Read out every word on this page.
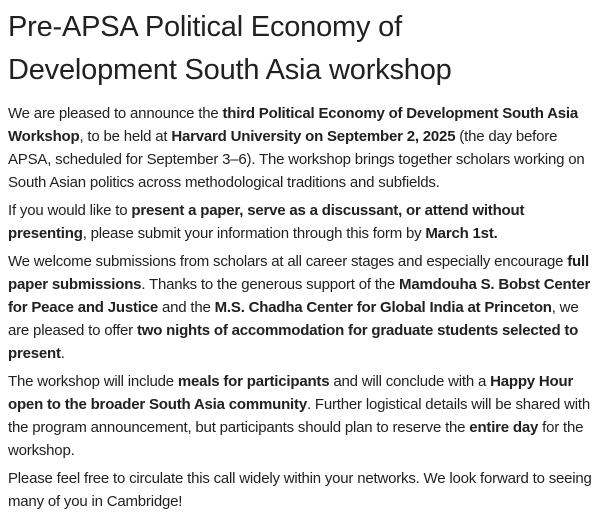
Pre-APSA Political Economy of Development South Asia workshop

We are pleased to announce the third Political Economy of Development South Asia Workshop, to be held at Harvard University on September 2, 2025 (the day before APSA, scheduled for September 3–6). The workshop brings together scholars working on South Asian politics across methodological traditions and subfields.

If you would like to present a paper, serve as a discussant, or attend without presenting, please submit your information through this form by March 1st.

We welcome submissions from scholars at all career stages and especially encourage full paper submissions. Thanks to the generous support of the Mamdouha S. Bobst Center for Peace and Justice and the M.S. Chadha Center for Global India at Princeton, we are pleased to offer two nights of accommodation for graduate students selected to present.

The workshop will include meals for participants and will conclude with a Happy Hour open to the broader South Asia community. Further logistical details will be shared with the program announcement, but participants should plan to reserve the entire day for the workshop.

Please feel free to circulate this call widely within your networks. We look forward to seeing many of you in Cambridge!
